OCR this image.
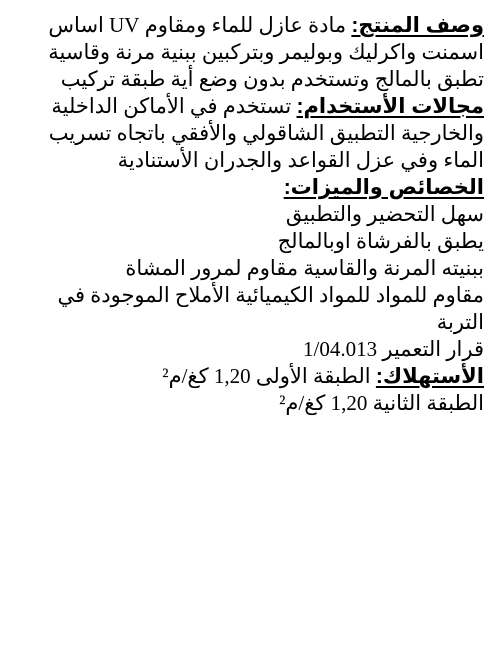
وصف المنتج: مادة عازل للماء ومقاوم UV اساس اسمنت واكرليك وبوليمر وبتركبين ببنية مرنة وقاسية تطبق بالمالج وتستخدم بدون وضع أية طبقة تركيب

مجالات الأستخدام: تستخدم في الأماكن الداخلية والخارجية التطبيق الشاقولي والأفقي باتجاه تسريب الماء وفي عزل القواعد والجدران الأستنادية

الخصائص والميزات:

سهل التحضير والتطبيق

يطبق بالفرشاة اوبالمالج

ببنيته المرنة والقاسية مقاوم لمرور المشاة

مقاوم للمواد للمواد الكيميائية الأملاح الموجودة في التربة

قرار التعمير 1/04.013

الأستهلاك: الطبقة الأولى 1,20 كغ/م²

الطبقة الثانية 1,20 كغ/م²
